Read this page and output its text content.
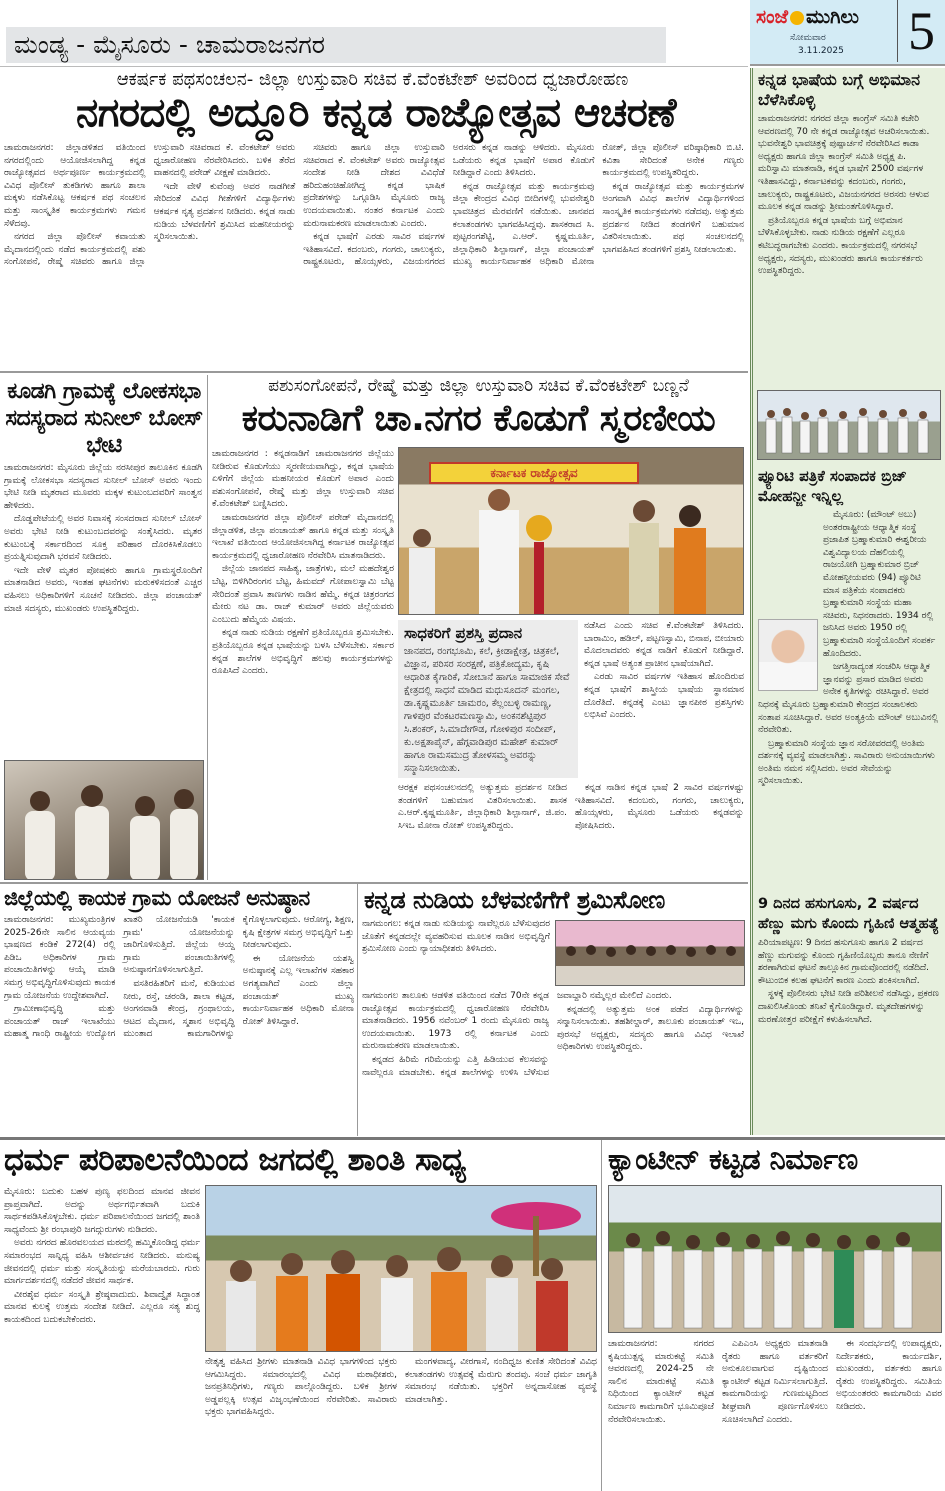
ಮಂಡ್ಯ - ಮೈಸೂರು - ಚಾಮರಾಜನಗರ
ಸಂಜೆ ಮುಗಿಲು
ಸೋಮವಾರ
3.11.2025 5
ಆಕರ್ಷಕ ಪಥಸಂಚಲನ- ಜಿಲ್ಲಾ ಉಸ್ತುವಾರಿ ಸಚಿವ ಕೆ.ವೆಂಕಟೇಶ್ ಅವರಿಂದ ಧ್ವಜಾರೋಹಣ
ನಗರದಲ್ಲಿ ಅದ್ದೂರಿ ಕನ್ನಡ ರಾಜ್ಯೋತ್ಸವ ಆಚರಣೆ

ಚಾಮರಾಜನಗರ: ಜಿಲ್ಲಾಡಳಿತದ ವತಿಯಿಂದ ನಗರದಲ್ಲಿಂದು ಆಯೋಜಿಸಲಾಗಿದ್ದ ಕನ್ನಡ ರಾಜ್ಯೋತ್ಸವದ ಅರ್ಥಪೂರ್ಣ ಕಾರ್ಯಕ್ರಮದಲ್ಲಿ ವಿವಿಧ ಪೊಲೀಸ್ ತುಕಡಿಗಳು ಹಾಗೂ ಶಾಲಾ ಮಕ್ಕಳು ನಡೆಸಿಕೊಟ್ಟ ಆಕರ್ಷಕ ಪಥ ಸಂಚಲನ ಮತ್ತು ಸಾಂಸ್ಕೃತಿಕ ಕಾರ್ಯಕ್ರಮಗಳು ಗಮನ ಸೆಳೆದವು.

ನಗರದ ಜಿಲ್ಲಾ ಪೊಲೀಸ್ ಕವಾಯತು ಮೈದಾನದಲ್ಲಿಂದು ನಡೆದ ಕಾರ್ಯಕ್ರಮದಲ್ಲಿ ಪಶು ಸಂಗೋಪನೆ, ರೇಷ್ಮೆ ಸಚಿವರು ಹಾಗೂ ಜಿಲ್ಲಾ ಉಸ್ತುವಾರಿ ಸಚಿವರಾದ ಕೆ. ವೆಂಕಟೇಶ್ ಅವರು ಧ್ವಜಾರೋಹಣ ನೆರವೇರಿಸಿದರು. ಬಳಿಕ ತೆರೆದ ವಾಹನದಲ್ಲಿ ಪರೇಡ್ ವೀಕ್ಷಣೆ ಮಾಡಿದರು.

ಇದೇ ವೇಳೆ ಕುವೆಂಪು ಅವರ ನಾಡಗೀತೆ ಸೇರಿದಂತೆ ವಿವಿಧ ಗೀತೆಗಳಿಗೆ ವಿದ್ಯಾರ್ಥಿಗಳು ಆಕರ್ಷಕ ನೃತ್ಯ ಪ್ರದರ್ಶನ ನೀಡಿದರು. ಕನ್ನಡ ನಾಡು ನುಡಿಯ ಬೆಳವಣಿಗೆಗೆ ಶ್ರಮಿಸಿದ ಮಹನೀಯರನ್ನು ಸ್ಮರಿಸಲಾಯಿತು.

ಸಚಿವರು ಹಾಗೂ ಜಿಲ್ಲಾ ಉಸ್ತುವಾರಿ ಸಚಿವರಾದ ಕೆ. ವೆಂಕಟೇಶ್ ಅವರು ರಾಜ್ಯೋತ್ಸವ ಸಂದೇಶ ನೀಡಿ ದೇಶದ ವಿವಿಧೆಡೆ ಹರಿದುಹಂಚಿಹೋಗಿದ್ದ ಕನ್ನಡ ಭಾಷಿಕ ಪ್ರದೇಶಗಳನ್ನು ಒಗ್ಗೂಡಿಸಿ ಮೈಸೂರು ರಾಜ್ಯ ಉದಯವಾಯಿತು. ನಂತರ ಕರ್ನಾಟಕ ಎಂದು ಮರುನಾಮಕರಣ ಮಾಡಲಾಯಿತು ಎಂದರು.

ಕನ್ನಡ ಭಾಷೆಗೆ ಎರಡು ಸಾವಿರ ವರ್ಷಗಳ ಇತಿಹಾಸವಿದೆ. ಕದಂಬರು, ಗಂಗರು, ಚಾಲುಕ್ಯರು, ರಾಷ್ಟ್ರಕೂಟರು, ಹೊಯ್ಸಳರು, ವಿಜಯನಗರದ ಅರಸರು ಕನ್ನಡ ನಾಡನ್ನು ಆಳಿದರು. ಮೈಸೂರು ಒಡೆಯರು ಕನ್ನಡ ಭಾಷೆಗೆ ಅಪಾರ ಕೊಡುಗೆ ನೀಡಿದ್ದಾರೆ ಎಂದು ತಿಳಿಸಿದರು.

ಕನ್ನಡ ರಾಜ್ಯೋತ್ಸವ ಮತ್ತು ಕಾರ್ಯಕ್ರಮವು ಜಿಲ್ಲಾ ಕೇಂದ್ರದ ವಿವಿಧ ಬೀದಿಗಳಲ್ಲಿ ಭುವನೇಶ್ವರಿ ಭಾವಚಿತ್ರದ ಮೆರವಣಿಗೆ ನಡೆಯಿತು. ಜಾನಪದ ಕಲಾತಂಡಗಳು ಭಾಗವಹಿಸಿದ್ದವು. ಶಾಸಕರಾದ ಸಿ. ಪುಟ್ಟರಂಗಶೆಟ್ಟಿ, ಎ.ಆರ್. ಕೃಷ್ಣಮೂರ್ತಿ, ಜಿಲ್ಲಾಧಿಕಾರಿ ಶಿಲ್ಪಾನಾಗ್, ಜಿಲ್ಲಾ ಪಂಚಾಯತ್ ಮುಖ್ಯ ಕಾರ್ಯನಿರ್ವಾಹಕ ಅಧಿಕಾರಿ ಮೋನಾ ರೋತ್, ಜಿಲ್ಲಾ ಪೊಲೀಸ್ ವರಿಷ್ಠಾಧಿಕಾರಿ ಬಿ.ಟಿ. ಕವಿತಾ ಸೇರಿದಂತೆ ಅನೇಕ ಗಣ್ಯರು ಕಾರ್ಯಕ್ರಮದಲ್ಲಿ ಉಪಸ್ಥಿತರಿದ್ದರು.

ಕನ್ನಡ ರಾಜ್ಯೋತ್ಸವ ಮತ್ತು ಕಾರ್ಯಕ್ರಮಗಳ ಅಂಗವಾಗಿ ವಿವಿಧ ಶಾಲೆಗಳ ವಿದ್ಯಾರ್ಥಿಗಳಿಂದ ಸಾಂಸ್ಕೃತಿಕ ಕಾರ್ಯಕ್ರಮಗಳು ನಡೆದವು. ಅತ್ಯುತ್ತಮ ಪ್ರದರ್ಶನ ನೀಡಿದ ತಂಡಗಳಿಗೆ ಬಹುಮಾನ ವಿತರಿಸಲಾಯಿತು. ಪಥ ಸಂಚಲನದಲ್ಲಿ ಭಾಗವಹಿಸಿದ ತಂಡಗಳಿಗೆ ಪ್ರಶಸ್ತಿ ನೀಡಲಾಯಿತು.

ಕನ್ನಡ ಭಾಷೆಯ ಬಗ್ಗೆ ಅಭಿಮಾನ ಬೆಳೆಸಿಕೊಳ್ಳಿ

ಚಾಮರಾಜನಗರ: ನಗರದ ಜಿಲ್ಲಾ ಕಾಂಗ್ರೆಸ್ ಸಮಿತಿ ಕಚೇರಿ ಆವರಣದಲ್ಲಿ 70 ನೇ ಕನ್ನಡ ರಾಜ್ಯೋತ್ಸವ ಆಚರಿಸಲಾಯಿತು. ಭುವನೇಶ್ವರಿ ಭಾವಚಿತ್ರಕ್ಕೆ ಪುಷ್ಪಾರ್ಚನೆ ನೆರವೇರಿಸಿದ ಕಾಡಾ ಅಧ್ಯಕ್ಷರು ಹಾಗೂ ಜಿಲ್ಲಾ ಕಾಂಗ್ರೆಸ್ ಸಮಿತಿ ಅಧ್ಯಕ್ಷ ಪಿ. ಮರಿಸ್ವಾಮಿ ಮಾತನಾಡಿ, ಕನ್ನಡ ಭಾಷೆಗೆ 2500 ವರ್ಷಗಳ ಇತಿಹಾಸವಿದ್ದು, ಕರ್ನಾಟಕವನ್ನು ಕದಂಬರು, ಗಂಗರು, ಚಾಲುಕ್ಯರು, ರಾಷ್ಟ್ರಕೂಟರು, ವಿಜಯನಗರದ ಅರಸರು ಆಳುವ ಮೂಲಕ ಕನ್ನಡ ನಾಡನ್ನು ಶ್ರೀಮಂತಗೊಳಿಸಿದ್ದಾರೆ.

ಪ್ರತಿಯೊಬ್ಬರೂ ಕನ್ನಡ ಭಾಷೆಯ ಬಗ್ಗೆ ಅಭಿಮಾನ ಬೆಳೆಸಿಕೊಳ್ಳಬೇಕು. ನಾಡು ನುಡಿಯ ರಕ್ಷಣೆಗೆ ಎಲ್ಲರೂ ಕಟಿಬದ್ಧರಾಗಬೇಕು ಎಂದರು. ಕಾರ್ಯಕ್ರಮದಲ್ಲಿ ನಗರಸಭೆ ಅಧ್ಯಕ್ಷರು, ಸದಸ್ಯರು, ಮುಖಂಡರು ಹಾಗೂ ಕಾರ್ಯಕರ್ತರು ಉಪಸ್ಥಿತರಿದ್ದರು.

ಪ್ಯೂರಿಟಿ ಪತ್ರಿಕೆ ಸಂಪಾದಕ ಬ್ರಿಜ್ ಮೋಹನ್ಜೀ ಇನ್ನಿಲ್ಲ

ಮೈಸೂರು: (ಮೌಂಟ್ ಅಬು) ಅಂತರರಾಷ್ಟ್ರೀಯ ಆಧ್ಯಾತ್ಮಿಕ ಸಂಸ್ಥೆ ಪ್ರಜಾಪಿತ ಬ್ರಹ್ಮಾಕುಮಾರಿ ಈಶ್ವರೀಯ ವಿಶ್ವವಿದ್ಯಾಲಯ ದೆಹಲಿಯಲ್ಲಿ ರಾಜಯೋಗಿ ಬ್ರಹ್ಮಾಕುಮಾರ ಬ್ರಿಜ್ ಮೋಹನ್ಜೀಯವರು (94) ಪ್ಯೂರಿಟಿ ಮಾಸ ಪತ್ರಿಕೆಯ ಸಂಪಾದಕರು ಬ್ರಹ್ಮಾಕುಮಾರಿ ಸಂಸ್ಥೆಯ ಮಹಾ ಸಚಿವರು, ನಿಧನರಾದರು. 1934 ರಲ್ಲಿ ಜನಿಸಿದ ಅವರು 1950 ರಲ್ಲಿ ಬ್ರಹ್ಮಾಕುಮಾರಿ ಸಂಸ್ಥೆಯೊಂದಿಗೆ ಸಂಪರ್ಕ ಹೊಂದಿದರು.

ಜಗತ್ತಿನಾದ್ಯಂತ ಸಂಚರಿಸಿ ಆಧ್ಯಾತ್ಮಿಕ ಜ್ಞಾನವನ್ನು ಪ್ರಸಾರ ಮಾಡಿದ ಅವರು ಅನೇಕ ಕೃತಿಗಳನ್ನು ರಚಿಸಿದ್ದಾರೆ. ಅವರ ನಿಧನಕ್ಕೆ ಮೈಸೂರು ಬ್ರಹ್ಮಾಕುಮಾರಿ ಕೇಂದ್ರದ ಸಂಚಾಲಕರು ಸಂತಾಪ ಸೂಚಿಸಿದ್ದಾರೆ. ಅವರ ಅಂತ್ಯಕ್ರಿಯೆ ಮೌಂಟ್ ಅಬುವಿನಲ್ಲಿ ನೆರವೇರಿತು.

ಬ್ರಹ್ಮಾಕುಮಾರಿ ಸಂಸ್ಥೆಯ ಜ್ಞಾನ ಸರೋವರದಲ್ಲಿ ಅಂತಿಮ ದರ್ಶನಕ್ಕೆ ವ್ಯವಸ್ಥೆ ಮಾಡಲಾಗಿತ್ತು. ಸಾವಿರಾರು ಅನುಯಾಯಿಗಳು ಅಂತಿಮ ನಮನ ಸಲ್ಲಿಸಿದರು. ಅವರ ಸೇವೆಯನ್ನು ಸ್ಮರಿಸಲಾಯಿತು.

9 ದಿನದ ಹಸುಗೂಸು, 2 ವರ್ಷದ ಹೆಣ್ಣು ಮಗು ಕೊಂದು ಗೃಹಿಣಿ ಆತ್ಮಹತ್ಯೆ

ಪಿರಿಯಾಪಟ್ಟಣ: 9 ದಿನದ ಹಸುಗೂಸು ಹಾಗೂ 2 ವರ್ಷದ ಹೆಣ್ಣು ಮಗುವನ್ನು ಕೊಂದು ಗೃಹಿಣಿಯೊಬ್ಬರು ತಾನೂ ನೇಣಿಗೆ ಶರಣಾಗಿರುವ ಘಟನೆ ತಾಲ್ಲೂಕಿನ ಗ್ರಾಮವೊಂದರಲ್ಲಿ ನಡೆದಿದೆ. ಕೌಟುಂಬಿಕ ಕಲಹ ಘಟನೆಗೆ ಕಾರಣ ಎಂದು ಶಂಕಿಸಲಾಗಿದೆ.

ಸ್ಥಳಕ್ಕೆ ಪೊಲೀಸರು ಭೇಟಿ ನೀಡಿ ಪರಿಶೀಲನೆ ನಡೆಸಿದ್ದು, ಪ್ರಕರಣ ದಾಖಲಿಸಿಕೊಂಡು ತನಿಖೆ ಕೈಗೊಂಡಿದ್ದಾರೆ. ಮೃತದೇಹಗಳನ್ನು ಮರಣೋತ್ತರ ಪರೀಕ್ಷೆಗೆ ಕಳುಹಿಸಲಾಗಿದೆ.

ಕೂಡಗಿ ಗ್ರಾಮಕ್ಕೆ ಲೋಕಸಭಾ ಸದಸ್ಯರಾದ ಸುನೀಲ್ ಬೋಸ್ ಭೇಟಿ

ಚಾಮರಾಜನಗರ: ಮೈಸೂರು ಜಿಲ್ಲೆಯ ನರಸೀಪುರ ತಾಲೂಕಿನ ಕೂಡಗಿ ಗ್ರಾಮಕ್ಕೆ ಲೋಕಸಭಾ ಸದಸ್ಯರಾದ ಸುನೀಲ್ ಬೋಸ್ ಅವರು ಇಂದು ಭೇಟಿ ನೀಡಿ ಮೃತರಾದ ಮೂವರು ಮಕ್ಕಳ ಕುಟುಂಬದವರಿಗೆ ಸಾಂತ್ವನ ಹೇಳಿದರು.

ದೊಡ್ಡಪೇಟೆಯಲ್ಲಿ ಅವರ ನಿವಾಸಕ್ಕೆ ಸಂಸದರಾದ ಸುನೀಲ್ ಬೋಸ್ ಅವರು ಭೇಟಿ ನೀಡಿ ಕುಟುಂಬದವರನ್ನು ಸಂತೈಸಿದರು. ಮೃತರ ಕುಟುಂಬಕ್ಕೆ ಸರ್ಕಾರದಿಂದ ಸೂಕ್ತ ಪರಿಹಾರ ದೊರಕಿಸಿಕೊಡಲು ಪ್ರಯತ್ನಿಸುವುದಾಗಿ ಭರವಸೆ ನೀಡಿದರು.

ಇದೇ ವೇಳೆ ಮೃತರ ಪೋಷಕರು ಹಾಗೂ ಗ್ರಾಮಸ್ಥರೊಂದಿಗೆ ಮಾತನಾಡಿದ ಅವರು, ಇಂತಹ ಘಟನೆಗಳು ಮರುಕಳಿಸದಂತೆ ಎಚ್ಚರ ವಹಿಸಲು ಅಧಿಕಾರಿಗಳಿಗೆ ಸೂಚನೆ ನೀಡಿದರು. ಜಿಲ್ಲಾ ಪಂಚಾಯತ್ ಮಾಜಿ ಸದಸ್ಯರು, ಮುಖಂಡರು ಉಪಸ್ಥಿತರಿದ್ದರು.

ಪಶುಸಂಗೋಪನೆ, ರೇಷ್ಮೆ ಮತ್ತು ಜಿಲ್ಲಾ ಉಸ್ತುವಾರಿ ಸಚಿವ ಕೆ.ವೆಂಕಟೇಶ್ ಬಣ್ಣನೆ
ಕರುನಾಡಿಗೆ ಚಾ.ನಗರ ಕೊಡುಗೆ ಸ್ಮರಣೀಯ

ಚಾಮರಾಜನಗರ : ಕನ್ನಡನಾಡಿಗೆ ಚಾಮರಾಜನಗರ ಜಿಲ್ಲೆಯು ನೀಡಿರುವ ಕೊಡುಗೆಯು ಸ್ಮರಣೀಯವಾಗಿದ್ದು, ಕನ್ನಡ ಭಾಷೆಯ ಏಳಿಗೆಗೆ ಜಿಲ್ಲೆಯ ಮಹನೀಯರ ಕೊಡುಗೆ ಅಪಾರ ಎಂದು ಪಶುಸಂಗೋಪನೆ, ರೇಷ್ಮೆ ಮತ್ತು ಜಿಲ್ಲಾ ಉಸ್ತುವಾರಿ ಸಚಿವ ಕೆ.ವೆಂಕಟೇಶ್ ಬಣ್ಣಿಸಿದರು.

ಚಾಮರಾಜನಗರ ಜಿಲ್ಲಾ ಪೊಲೀಸ್ ಪರೇಡ್ ಮೈದಾನದಲ್ಲಿ ಜಿಲ್ಲಾಡಳಿತ, ಜಿಲ್ಲಾ ಪಂಚಾಯತ್ ಹಾಗೂ ಕನ್ನಡ ಮತ್ತು ಸಂಸ್ಕೃತಿ ಇಲಾಖೆ ವತಿಯಿಂದ ಆಯೋಜಿಸಲಾಗಿದ್ದ ಕರ್ನಾಟಕ ರಾಜ್ಯೋತ್ಸವ ಕಾರ್ಯಕ್ರಮದಲ್ಲಿ ಧ್ವಜಾರೋಹಣ ನೆರವೇರಿಸಿ ಮಾತನಾಡಿದರು.

ಜಿಲ್ಲೆಯ ಜಾನಪದ ಸಾಹಿತ್ಯ, ಜಾತ್ರೆಗಳು, ಮಲೆ ಮಹದೇಶ್ವರ ಬೆಟ್ಟ, ಬಿಳಿಗಿರಿರಂಗನ ಬೆಟ್ಟ, ಹಿಮವದ್ ಗೋಪಾಲಸ್ವಾಮಿ ಬೆಟ್ಟ ಸೇರಿದಂತೆ ಪ್ರವಾಸಿ ತಾಣಗಳು ನಾಡಿನ ಹೆಮ್ಮೆ. ಕನ್ನಡ ಚಿತ್ರರಂಗದ ಮೇರು ನಟ ಡಾ. ರಾಜ್ ಕುಮಾರ್ ಅವರು ಜಿಲ್ಲೆಯವರು ಎಂಬುದು ಹೆಮ್ಮೆಯ ವಿಷಯ.

ಕನ್ನಡ ನಾಡು ನುಡಿಯ ರಕ್ಷಣೆಗೆ ಪ್ರತಿಯೊಬ್ಬರೂ ಶ್ರಮಿಸಬೇಕು. ಪ್ರತಿಯೊಬ್ಬರೂ ಕನ್ನಡ ಭಾಷೆಯನ್ನು ಬಳಸಿ ಬೆಳೆಸಬೇಕು. ಸರ್ಕಾರ ಕನ್ನಡ ಶಾಲೆಗಳ ಅಭಿವೃದ್ಧಿಗೆ ಹಲವು ಕಾರ್ಯಕ್ರಮಗಳನ್ನು ರೂಪಿಸಿದೆ ಎಂದರು.

ಕರ್ನಾಟಕ ರಾಜ್ಯೋತ್ಸವ
ಸಾಧಕರಿಗೆ ಪ್ರಶಸ್ತಿ ಪ್ರದಾನ
ಜಾನಪದ, ರಂಗಭೂಮಿ, ಕಲೆ, ಕ್ರೀಡಾಕ್ಷೇತ್ರ, ಚಿತ್ರಕಲೆ, ವಿಜ್ಞಾನ, ಪರಿಸರ ಸಂರಕ್ಷಣೆ, ಪತ್ರಿಕೋದ್ಯಮ, ಕೃಷಿ ಆಧಾರಿತ ಕೈಗಾರಿಕೆ, ಸೋಬಾನೆ ಹಾಗೂ ಸಾಮಾಜಿಕ ಸೇವೆ ಕ್ಷೇತ್ರದಲ್ಲಿ ಸಾಧನೆ ಮಾಡಿದ ಮಧುಸೂದನ್ ಮಂಗಲ, ಡಾ.ಕೃಷ್ಣಮೂರ್ತಿ ಚಾಮರಂ, ಕೆಲ್ಲಂಬಳ್ಳಿ ರಾಮಣ್ಣ, ಗಾಳಿಪುರ ವೆಂಕಟರಮಣಸ್ವಾಮಿ, ಅಂಕನಶೆಟ್ಟಿಪುರ ಸಿ.ಶಂಕರ್, ಸಿ.ಮಾದೇಗೌಡ, ಗೋಳಿಪುರ ಸಂದೀಪ್, ಕು.ಅಕ್ಷತಾಪೈನ್, ಹೆಗ್ಗವಾಡಿಪುರ ಮಹೇಶ್ ಕುಮಾರ್ ಹಾಗೂ ರಾಮಸಮುದ್ರ ತೋಳಸಮ್ಮ ಅವರನ್ನು ಸನ್ಮಾನಿಸಲಾಯಿತು.

ನಡೆಸಿದ ಎಂದು ಸಚಿವ ಕೆ.ವೆಂಕಟೇಶ್ ತಿಳಿಸಿದರು. ಬಾರಾಮಿಂ, ಹಡಿಲ್, ಪಟ್ಟಣಸ್ವಾಮಿ, ಬಿನಾಪ, ಬೀಯಾರು ಮೊದಲಾದವರು ಕನ್ನಡ ನಾಡಿಗೆ ಕೊಡುಗೆ ನೀಡಿದ್ದಾರೆ. ಕನ್ನಡ ಭಾಷೆ ಅತ್ಯಂತ ಪ್ರಾಚೀನ ಭಾಷೆಯಾಗಿದೆ.

ಎರಡು ಸಾವಿರ ವರ್ಷಗಳ ಇತಿಹಾಸ ಹೊಂದಿರುವ ಕನ್ನಡ ಭಾಷೆಗೆ ಶಾಸ್ತ್ರೀಯ ಭಾಷೆಯ ಸ್ಥಾನಮಾನ ದೊರೆತಿದೆ. ಕನ್ನಡಕ್ಕೆ ಎಂಟು ಜ್ಞಾನಪೀಠ ಪ್ರಶಸ್ತಿಗಳು ಲಭಿಸಿವೆ ಎಂದರು.

ಆರಕ್ಷಕ ಪಥಸಂಚಲನದಲ್ಲಿ ಅತ್ಯುತ್ತಮ ಪ್ರದರ್ಶನ ನೀಡಿದ ತಂಡಗಳಿಗೆ ಬಹುಮಾನ ವಿತರಿಸಲಾಯಿತು. ಶಾಸಕ ಎ.ಆರ್.ಕೃಷ್ಣಮೂರ್ತಿ, ಜಿಲ್ಲಾಧಿಕಾರಿ ಶಿಲ್ಪಾನಾಗ್, ಜಿ.ಪಂ. ಸಿಇಒ ಮೋನಾ ರೋತ್ ಉಪಸ್ಥಿತರಿದ್ದರು.

ಕನ್ನಡ ನಾಡಿನ ಕನ್ನಡ ಭಾಷೆ 2 ಸಾವಿರ ವರ್ಷಗಳಷ್ಟು ಇತಿಹಾಸವಿದೆ. ಕದಂಬರು, ಗಂಗರು, ಚಾಲುಕ್ಯರು, ಹೊಯ್ಸಳರು, ಮೈಸೂರು ಒಡೆಯರು ಕನ್ನಡವನ್ನು ಪೋಷಿಸಿದರು.

ಜಿಲ್ಲೆಯಲ್ಲಿ ಕಾಯಕ ಗ್ರಾಮ ಯೋಜನೆ ಅನುಷ್ಠಾನ

ಚಾಮರಾಜನಗರ: ಮುಖ್ಯಮಂತ್ರಿಗಳ 2025-26ನೇ ಸಾಲಿನ ಆಯವ್ಯಯ ಭಾಷಣದ ಕಂಡಿಕೆ 272(4) ರಲ್ಲಿ ಪಿಡಿಒ ಅಧಿಕಾರಿಗಳ ಗ್ರಾಮ ಪಂಚಾಯಿತಿಗಳನ್ನು ಆಯ್ಕೆ ಮಾಡಿ ಸಮಗ್ರ ಅಭಿವೃದ್ಧಿಗೊಳಿಸುವುದು ಕಾಯಕ ಗ್ರಾಮ ಯೋಜನೆಯ ಉದ್ದೇಶವಾಗಿದೆ.

ಗ್ರಾಮೀಣಾಭಿವೃದ್ಧಿ ಮತ್ತು ಪಂಚಾಯತ್ ರಾಜ್ ಇಲಾಖೆಯು ಮಹಾತ್ಮ ಗಾಂಧಿ ರಾಷ್ಟ್ರೀಯ ಉದ್ಯೋಗ ಖಾತರಿ ಯೋಜನೆಯಡಿ 'ಕಾಯಕ ಗ್ರಾಮ' ಯೋಜನೆಯನ್ನು ಜಾರಿಗೊಳಿಸುತ್ತಿದೆ. ಜಿಲ್ಲೆಯ ಆಯ್ದ ಗ್ರಾಮ ಪಂಚಾಯಿತಿಗಳಲ್ಲಿ ಅನುಷ್ಠಾನಗೊಳಿಸಲಾಗುತ್ತಿದೆ.

ವಸತಿರಹಿತರಿಗೆ ಮನೆ, ಕುಡಿಯುವ ನೀರು, ರಸ್ತೆ, ಚರಂಡಿ, ಶಾಲಾ ಕಟ್ಟಡ, ಅಂಗನವಾಡಿ ಕೇಂದ್ರ, ಗ್ರಂಥಾಲಯ, ಆಟದ ಮೈದಾನ, ಸ್ಮಶಾನ ಅಭಿವೃದ್ಧಿ ಮುಂತಾದ ಕಾಮಗಾರಿಗಳನ್ನು ಕೈಗೊಳ್ಳಲಾಗುವುದು. ಆರೋಗ್ಯ, ಶಿಕ್ಷಣ, ಕೃಷಿ ಕ್ಷೇತ್ರಗಳ ಸಮಗ್ರ ಅಭಿವೃದ್ಧಿಗೆ ಒತ್ತು ನೀಡಲಾಗುವುದು.

ಈ ಯೋಜನೆಯ ಯಶಸ್ವಿ ಅನುಷ್ಠಾನಕ್ಕೆ ಎಲ್ಲ ಇಲಾಖೆಗಳ ಸಹಕಾರ ಅಗತ್ಯವಾಗಿದೆ ಎಂದು ಜಿಲ್ಲಾ ಪಂಚಾಯತ್ ಮುಖ್ಯ ಕಾರ್ಯನಿರ್ವಾಹಕ ಅಧಿಕಾರಿ ಮೋನಾ ರೋತ್ ತಿಳಿಸಿದ್ದಾರೆ.

ಕನ್ನಡ ನುಡಿಯ ಬೆಳವಣಿಗೆಗೆ ಶ್ರಮಿಸೋಣ

ನಾಗಮಂಗಲ: ಕನ್ನಡ ನಾಡು ನುಡಿಯನ್ನು ನಾವೆಲ್ಲರೂ ಬೆಳೆಸುವುದರ ಜೊತೆಗೆ ಕನ್ನಡದಲ್ಲೇ ವ್ಯವಹರಿಸುವ ಮೂಲಕ ನಾಡಿನ ಅಭಿವೃದ್ಧಿಗೆ ಶ್ರಮಿಸೋಣ ಎಂದು ನ್ಯಾಯಾಧೀಶರು ತಿಳಿಸಿದರು.

ನಾಗಮಂಗಲ ತಾಲೂಕು ಆಡಳಿತ ವತಿಯಿಂದ ನಡೆದ 70ನೇ ಕನ್ನಡ ರಾಜ್ಯೋತ್ಸವ ಕಾರ್ಯಕ್ರಮದಲ್ಲಿ ಧ್ವಜಾರೋಹಣ ನೆರವೇರಿಸಿ ಮಾತನಾಡಿದರು. 1956 ನವೆಂಬರ್ 1 ರಂದು ಮೈಸೂರು ರಾಜ್ಯ ಉದಯವಾಯಿತು. 1973 ರಲ್ಲಿ ಕರ್ನಾಟಕ ಎಂದು ಮರುನಾಮಕರಣ ಮಾಡಲಾಯಿತು.

ಕನ್ನಡದ ಹಿರಿಮೆ ಗರಿಮೆಯನ್ನು ಎತ್ತಿ ಹಿಡಿಯುವ ಕೆಲಸವನ್ನು ನಾವೆಲ್ಲರೂ ಮಾಡಬೇಕು. ಕನ್ನಡ ಶಾಲೆಗಳನ್ನು ಉಳಿಸಿ ಬೆಳೆಸುವ ಜವಾಬ್ದಾರಿ ನಮ್ಮೆಲ್ಲರ ಮೇಲಿದೆ ಎಂದರು.

ಕನ್ನಡದಲ್ಲಿ ಅತ್ಯುತ್ತಮ ಅಂಕ ಪಡೆದ ವಿದ್ಯಾರ್ಥಿಗಳನ್ನು ಸನ್ಮಾನಿಸಲಾಯಿತು. ತಹಶೀಲ್ದಾರ್, ತಾಲೂಕು ಪಂಚಾಯತ್ ಇಒ, ಪುರಸಭೆ ಅಧ್ಯಕ್ಷರು, ಸದಸ್ಯರು ಹಾಗೂ ವಿವಿಧ ಇಲಾಖೆ ಅಧಿಕಾರಿಗಳು ಉಪಸ್ಥಿತರಿದ್ದರು.

ಧರ್ಮ ಪರಿಪಾಲನೆಯಿಂದ ಜಗದಲ್ಲಿ ಶಾಂತಿ ಸಾಧ್ಯ

ಮೈಸೂರು: ಬದುಕು ಬಹಳ ಪುಣ್ಯ ಫಲದಿಂದ ಮಾನವ ಜೀವನ ಪ್ರಾಪ್ತವಾಗಿದೆ. ಅದನ್ನು ಅರ್ಥಗರ್ಭಿತವಾಗಿ ಬದುಕಿ ಸಾರ್ಥಕಪಡಿಸಿಕೊಳ್ಳಬೇಕು. ಧರ್ಮ ಪರಿಪಾಲನೆಯಿಂದ ಜಗದಲ್ಲಿ ಶಾಂತಿ ಸಾಧ್ಯವೆಂದು ಶ್ರೀ ರಂಭಾಪುರಿ ಜಗದ್ಗುರುಗಳು ನುಡಿದರು.

ಅವರು ನಗರದ ಹೊರವಲಯದ ಮಠದಲ್ಲಿ ಹಮ್ಮಿಕೊಂಡಿದ್ದ ಧರ್ಮ ಸಮಾರಂಭದ ಸಾನ್ನಿಧ್ಯ ವಹಿಸಿ ಆಶೀರ್ವಚನ ನೀಡಿದರು. ಮನುಷ್ಯ ಜೀವನದಲ್ಲಿ ಧರ್ಮ ಮತ್ತು ಸಂಸ್ಕೃತಿಯನ್ನು ಮರೆಯಬಾರದು. ಗುರು ಮಾರ್ಗದರ್ಶನದಲ್ಲಿ ನಡೆದರೆ ಜೀವನ ಸಾರ್ಥಕ.

ವೀರಶೈವ ಧರ್ಮ ಸಂಸ್ಕೃತಿ ಶ್ರೇಷ್ಠವಾದುದು. ಶಿವಾದ್ವೈತ ಸಿದ್ಧಾಂತ ಮಾನವ ಕುಲಕ್ಕೆ ಉತ್ತಮ ಸಂದೇಶ ನೀಡಿದೆ. ಎಲ್ಲರೂ ಸತ್ಯ ಶುದ್ಧ ಕಾಯಕದಿಂದ ಬದುಕಬೇಕೆಂದರು.

ನೇತೃತ್ವ ವಹಿಸಿದ ಶ್ರೀಗಳು ಮಾತನಾಡಿ ವಿವಿಧ ಭಾಗಗಳಿಂದ ಭಕ್ತರು ಆಗಮಿಸಿದ್ದರು. ಸಮಾರಂಭದಲ್ಲಿ ವಿವಿಧ ಮಠಾಧೀಶರು, ಜನಪ್ರತಿನಿಧಿಗಳು, ಗಣ್ಯರು ಪಾಲ್ಗೊಂಡಿದ್ದರು. ಬಳಿಕ ಶ್ರೀಗಳ ಅಡ್ಡಪಲ್ಲಕ್ಕಿ ಉತ್ಸವ ವಿಜೃಂಭಣೆಯಿಂದ ನೆರವೇರಿತು. ಸಾವಿರಾರು ಭಕ್ತರು ಭಾಗವಹಿಸಿದ್ದರು.

ಮಂಗಳವಾದ್ಯ, ವೀರಗಾಸೆ, ನಂದಿಧ್ವಜ ಕುಣಿತ ಸೇರಿದಂತೆ ವಿವಿಧ ಕಲಾತಂಡಗಳು ಉತ್ಸವಕ್ಕೆ ಮೆರುಗು ತಂದವು. ಸಂಜೆ ಧರ್ಮ ಜಾಗೃತಿ ಸಮಾರಂಭ ನಡೆಯಿತು. ಭಕ್ತರಿಗೆ ಅನ್ನದಾಸೋಹ ವ್ಯವಸ್ಥೆ ಮಾಡಲಾಗಿತ್ತು.

ಕ್ಯಾಂಟೀನ್ ಕಟ್ಟಡ ನಿರ್ಮಾಣ

ಚಾಮರಾಜನಗರ: ನಗರದ ಕೃಷಿಯುತ್ಪನ್ನ ಮಾರುಕಟ್ಟೆ ಸಮಿತಿ ಆವರಣದಲ್ಲಿ 2024-25 ನೇ ಸಾಲಿನ ಮಾರುಕಟ್ಟೆ ಸಮಿತಿ ನಿಧಿಯಿಂದ ಕ್ಯಾಂಟೀನ್ ಕಟ್ಟಡ ನಿರ್ಮಾಣ ಕಾಮಗಾರಿಗೆ ಭೂಮಿಪೂಜೆ ನೆರವೇರಿಸಲಾಯಿತು.

ಎಪಿಎಂಸಿ ಅಧ್ಯಕ್ಷರು ಮಾತನಾಡಿ ರೈತರು ಹಾಗೂ ವರ್ತಕರಿಗೆ ಅನುಕೂಲವಾಗುವ ದೃಷ್ಟಿಯಿಂದ ಕ್ಯಾಂಟೀನ್ ಕಟ್ಟಡ ನಿರ್ಮಿಸಲಾಗುತ್ತಿದೆ. ಕಾಮಗಾರಿಯನ್ನು ಗುಣಮಟ್ಟದಿಂದ ಶೀಘ್ರವಾಗಿ ಪೂರ್ಣಗೊಳಿಸಲು ಸೂಚಿಸಲಾಗಿದೆ ಎಂದರು.

ಈ ಸಂದರ್ಭದಲ್ಲಿ ಉಪಾಧ್ಯಕ್ಷರು, ನಿರ್ದೇಶಕರು, ಕಾರ್ಯದರ್ಶಿ, ಮುಖಂಡರು, ವರ್ತಕರು ಹಾಗೂ ರೈತರು ಉಪಸ್ಥಿತರಿದ್ದರು. ಸಮಿತಿಯ ಅಭಿಯಂತರರು ಕಾಮಗಾರಿಯ ವಿವರ ನೀಡಿದರು.
